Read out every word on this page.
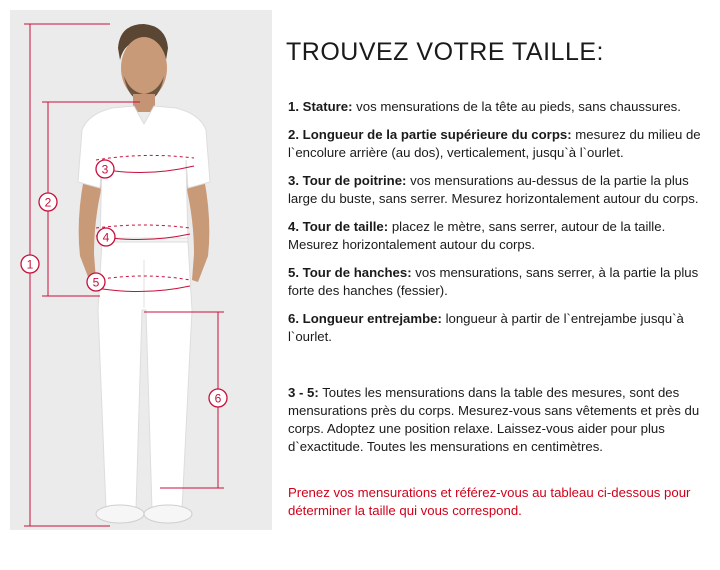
1
2
3
4
5
6
TROUVEZ VOTRE TAILLE:

1. Stature: vos mensurations de la tête au pieds, sans chaussures.

2. Longueur de la partie supérieure du corps: mesurez du milieu de l`encolure arrière (au dos), verticalement, jusqu`à l`ourlet.

3. Tour de poitrine: vos mensurations au-dessus de la partie la plus large du buste, sans serrer. Mesurez horizontalement autour du corps.

4. Tour de taille: placez le mètre, sans serrer, autour de la taille. Mesurez horizontalement autour du corps.

5. Tour de hanches: vos mensurations, sans serrer, à la partie la plus forte des hanches (fessier).

6. Longueur entrejambe: longueur à partir de l`entrejambe jusqu`à l`ourlet.

3 - 5: Toutes les mensurations dans la table des mesures, sont des mensurations près du corps. Mesurez-vous sans vêtements et près du corps. Adoptez une position relaxe. Laissez-vous aider pour plus d`exactitude. Toutes les mensurations en centimètres.

Prenez vos mensurations et référez-vous au tableau ci-dessous pour déterminer la taille qui vous correspond.
